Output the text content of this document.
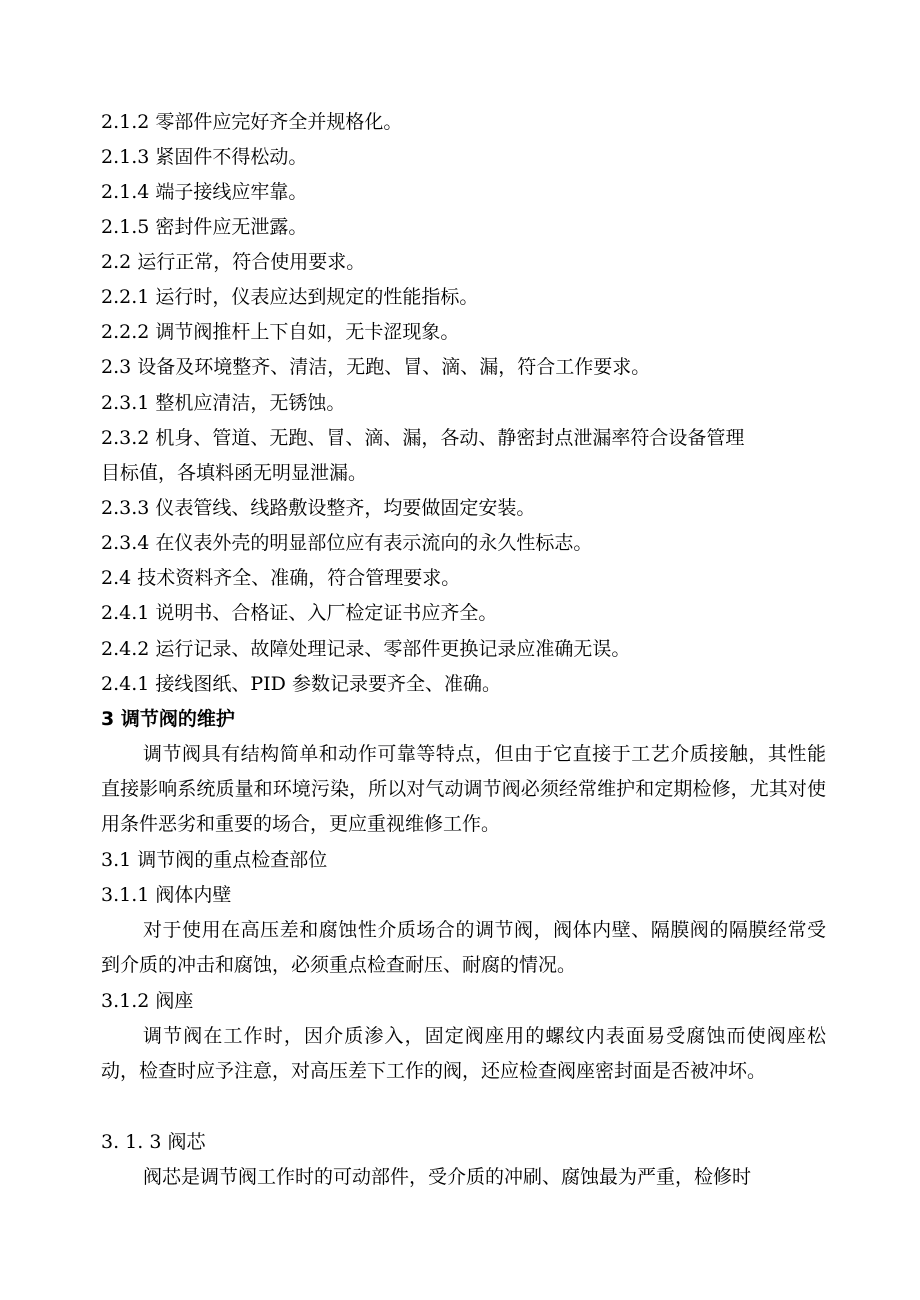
2.1.2 零部件应完好齐全并规格化。
2.1.3 紧固件不得松动。
2.1.4 端子接线应牢靠。
2.1.5 密封件应无泄露。
2.2 运行正常，符合使用要求。
2.2.1 运行时，仪表应达到规定的性能指标。
2.2.2 调节阀推杆上下自如，无卡涩现象。
2.3 设备及环境整齐、清洁，无跑、冒、滴、漏，符合工作要求。
2.3.1 整机应清洁，无锈蚀。
2.3.2 机身、管道、无跑、冒、滴、漏，各动、静密封点泄漏率符合设备管理
目标值，各填料函无明显泄漏。
2.3.3 仪表管线、线路敷设整齐，均要做固定安装。
2.3.4 在仪表外壳的明显部位应有表示流向的永久性标志。
2.4 技术资料齐全、准确，符合管理要求。
2.4.1 说明书、合格证、入厂检定证书应齐全。
2.4.2 运行记录、故障处理记录、零部件更换记录应准确无误。
2.4.1 接线图纸、PID 参数记录要齐全、准确。
3 调节阀的维护
调节阀具有结构简单和动作可靠等特点，但由于它直接于工艺介质接触，其性能直接影响系统质量和环境污染，所以对气动调节阀必须经常维护和定期检修，尤其对使用条件恶劣和重要的场合，更应重视维修工作。
3.1 调节阀的重点检查部位
3.1.1 阀体内壁
对于使用在高压差和腐蚀性介质场合的调节阀，阀体内壁、隔膜阀的隔膜经常受到介质的冲击和腐蚀，必须重点检查耐压、耐腐的情况。
3.1.2 阀座
调节阀在工作时，因介质渗入，固定阀座用的螺纹内表面易受腐蚀而使阀座松动，检查时应予注意，对高压差下工作的阀，还应检查阀座密封面是否被冲坏。
3. 1. 3 阀芯
阀芯是调节阀工作时的可动部件，受介质的冲刷、腐蚀最为严重，检修时
